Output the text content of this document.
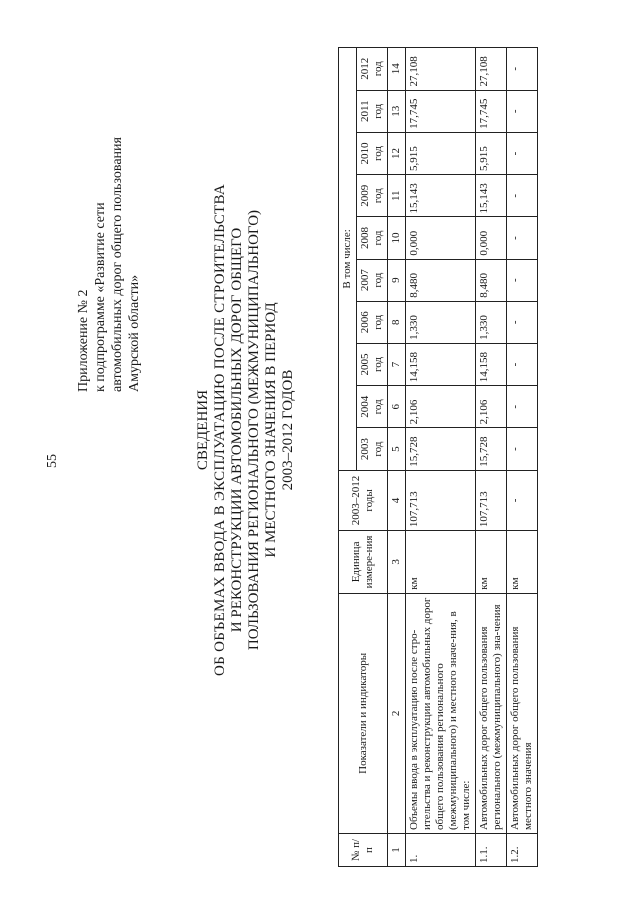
55
Приложение № 2 к подпрограмме «Развитие сети автомобильных дорог общего пользования Амурской области»
СВЕДЕНИЯ ОБ ОБЪЕМАХ ВВОДА В ЭКСПЛУАТАЦИЮ ПОСЛЕ СТРОИТЕЛЬСТВА И РЕКОНСТРУКЦИИ АВТОМОБИЛЬНЫХ ДОРОГ ОБЩЕГО ПОЛЬЗОВАНИЯ РЕГИОНАЛЬНОГО (МЕЖМУНИЦИПАЛЬНОГО) И МЕСТНОГО ЗНАЧЕНИЯ В ПЕРИОД 2003–2012 ГОДОВ
№ п/п	Показатели и индикаторы	Единица измере-ния	2003–2012 годы	В том числе:									
				2003 год	2004 год	2005 год	2006 год	2007 год	2008 год	2009 год	2010 год	2011 год	2012 год
1	2	3	4	5	6	7	8	9	10	11	12	13	14
1.	Объемы ввода в эксплуатацию после стро-ительства и реконструкции автомобильных дорог общего пользования регионального (межмуниципального) и местного значе-ния, в том числе:	км	107,713	15,728	2,106	14,158	1,330	8,480	0,000	15,143	5,915	17,745	27,108
1.1.	Автомобильных дорог общего пользования регионального (межмуниципального) зна-чения	км	107,713	15,728	2,106	14,158	1,330	8,480	0,000	15,143	5,915	17,745	27,108
1.2.	Автомобильных дорог общего пользования местного значения	км	-	-	-	-	-	-	-	-	-	-	-
